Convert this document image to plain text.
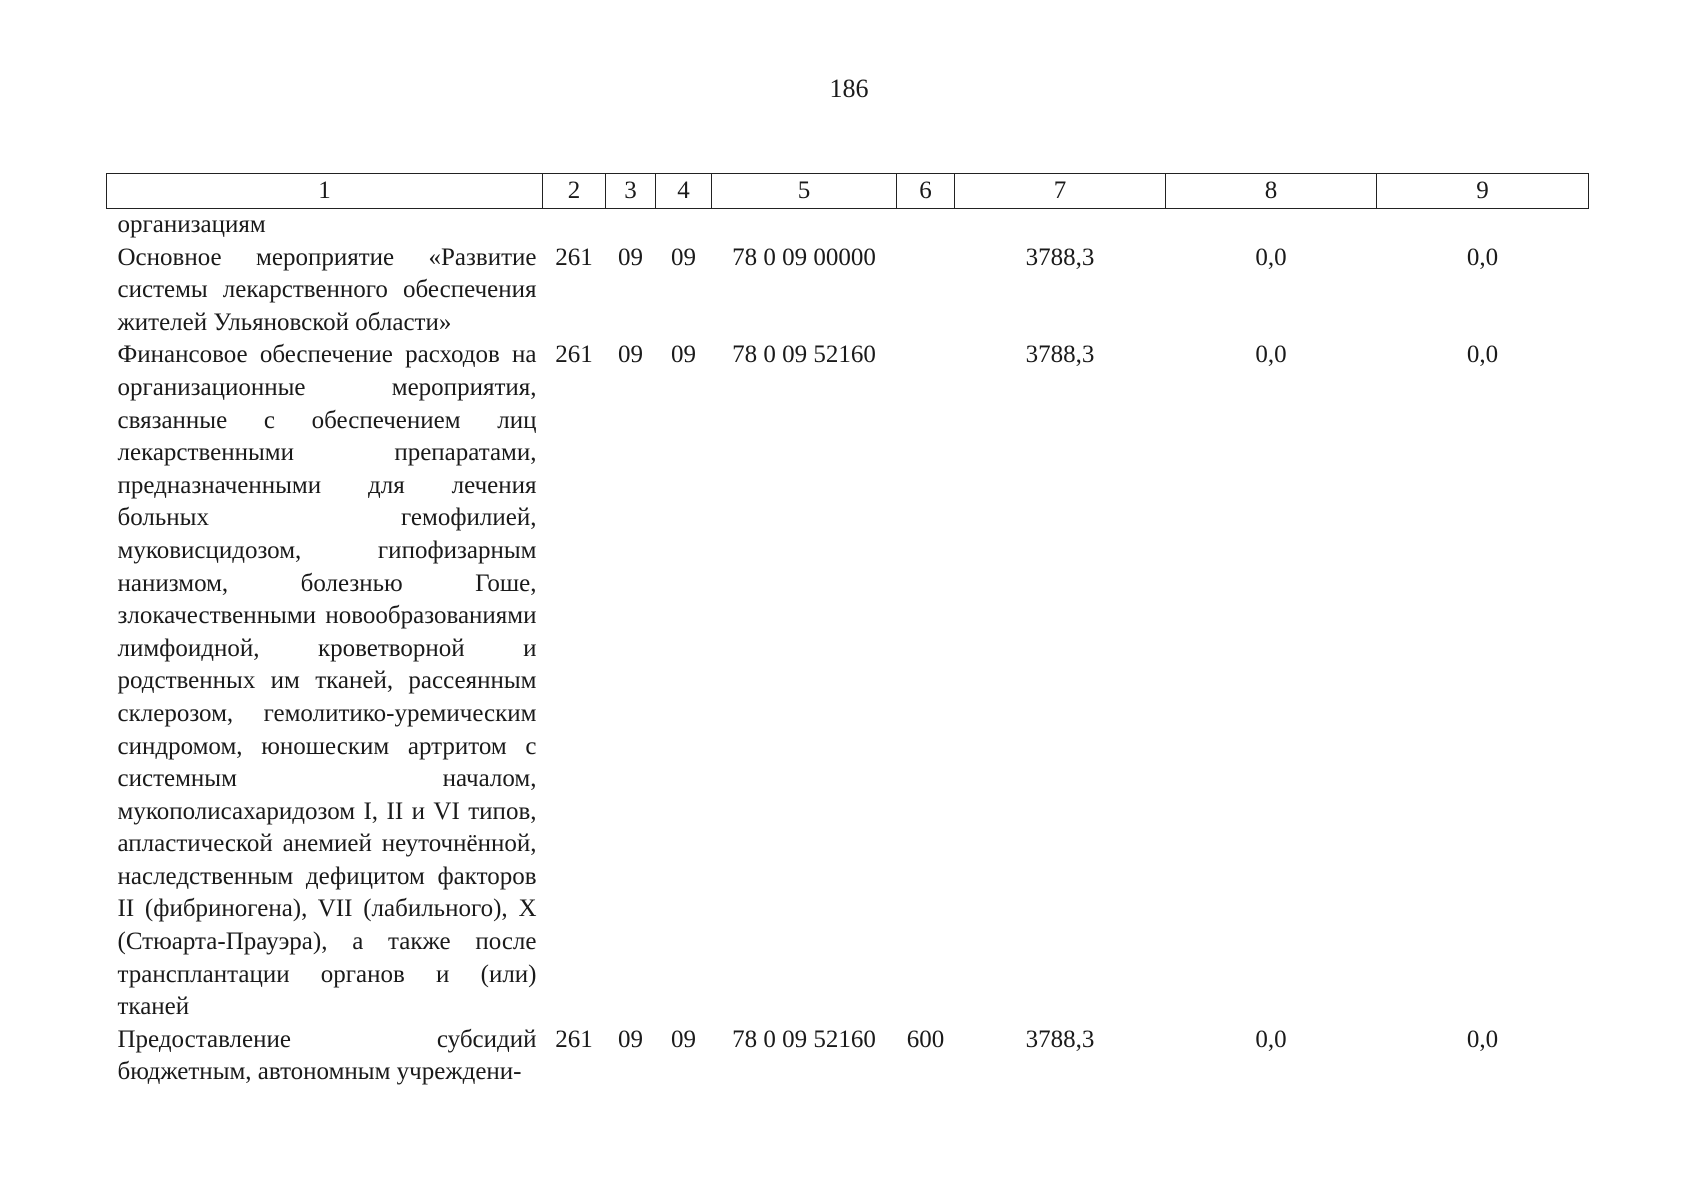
186
1	2	3	4	5	6	7	8	9
организациям								
Основное мероприятие «Развитие системы лекарственного обеспечения жителей Ульяновской области»	261	09	09	78 0 09 00000		3788,3	0,0	0,0
Финансовое обеспечение расходов на организационные мероприятия, связанные с обеспечением лиц лекарственными препаратами, предназначенными для лечения больных гемофилией, муковисцидозом, гипофизарным нанизмом, болезнью Гоше, злокачественными новообразованиями лимфоидной, кроветворной и родственных им тканей, рассеянным склерозом, гемолитико-уремическим синдромом, юношеским артритом с системным началом, мукополисахаридозом I, II и VI типов, апластической анемией неуточнённой, наследственным дефицитом факторов II (фибриногена), VII (лабильного), X (Стюарта-Прауэра), а также после трансплантации органов и (или) тканей	261	09	09	78 0 09 52160		3788,3	0,0	0,0
Предоставление субсидий бюджетным, автономным учреждени-	261	09	09	78 0 09 52160	600	3788,3	0,0	0,0
